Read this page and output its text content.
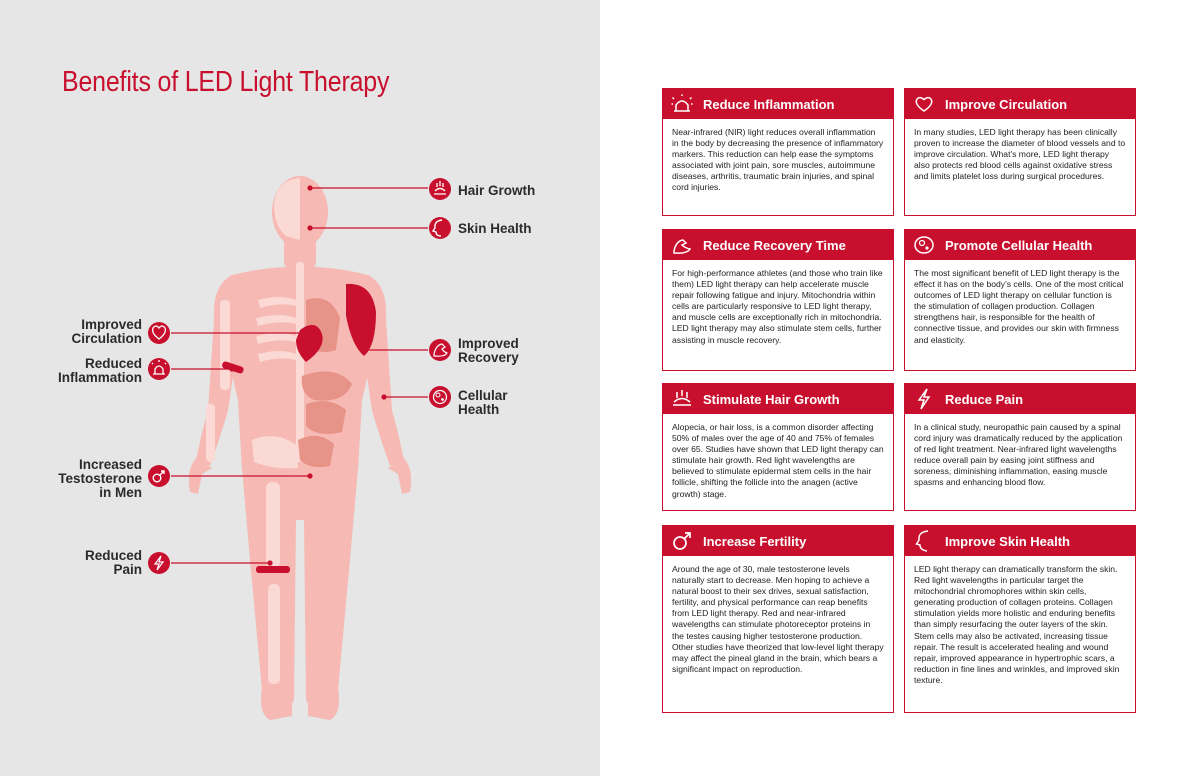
Benefits of LED Light Therapy
Hair Growth
Skin Health
Improved
Circulation
Reduced
Inflammation
Improved
Recovery
Cellular
Health
Increased
Testosterone
in Men
Reduced
Pain
Reduce Inflammation
Near-infrared (NIR) light reduces overall inflammation in the body by decreasing the presence of inflammatory markers. This reduction can help ease the symptoms associated with joint pain, sore muscles, autoimmune diseases, arthritis, traumatic brain injuries, and spinal cord injuries.
Improve Circulation
In many studies, LED light therapy has been clinically proven to increase the diameter of blood vessels and to improve circulation. What's more, LED light therapy also protects red blood cells against oxidative stress and limits platelet loss during surgical procedures.
Reduce Recovery Time
For high-performance athletes (and those who train like them) LED light therapy can help accelerate muscle repair following fatigue and injury. Mitochondria within cells are particularly responsive to LED light therapy, and muscle cells are exceptionally rich in mitochondria. LED light therapy may also stimulate stem cells, further assisting in muscle recovery.
Promote Cellular Health
The most significant benefit of LED light therapy is the effect it has on the body's cells. One of the most critical outcomes of LED light therapy on cellular function is the stimulation of collagen production. Collagen strengthens hair, is responsible for the health of connective tissue, and provides our skin with firmness and elasticity.
Stimulate Hair Growth
Alopecia, or hair loss, is a common disorder affecting 50% of males over the age of 40 and 75% of females over 65. Studies have shown that LED light therapy can stimulate hair growth. Red light wavelengths are believed to stimulate epidermal stem cells in the hair follicle, shifting the follicle into the anagen (active growth) stage.
Reduce Pain
In a clinical study, neuropathic pain caused by a spinal cord injury was dramatically reduced by the application of red light treatment. Near-infrared light wavelengths reduce overall pain by easing joint stiffness and soreness, diminishing inflammation, easing muscle spasms and enhancing blood flow.
Increase Fertility
Around the age of 30, male testosterone levels naturally start to decrease. Men hoping to achieve a natural boost to their sex drives, sexual satisfaction, fertility, and physical performance can reap benefits from LED light therapy. Red and near-infrared wavelengths can stimulate photoreceptor proteins in the testes causing higher testosterone production. Other studies have theorized that low-level light therapy may affect the pineal gland in the brain, which bears a significant impact on reproduction.
Improve Skin Health
LED light therapy can dramatically transform the skin. Red light wavelengths in particular target the mitochondrial chromophores within skin cells, generating production of collagen proteins. Collagen stimulation yields more holistic and enduring benefits than simply resurfacing the outer layers of the skin. Stem cells may also be activated, increasing tissue repair. The result is accelerated healing and wound repair, improved appearance in hypertrophic scars, a reduction in fine lines and wrinkles, and improved skin texture.
